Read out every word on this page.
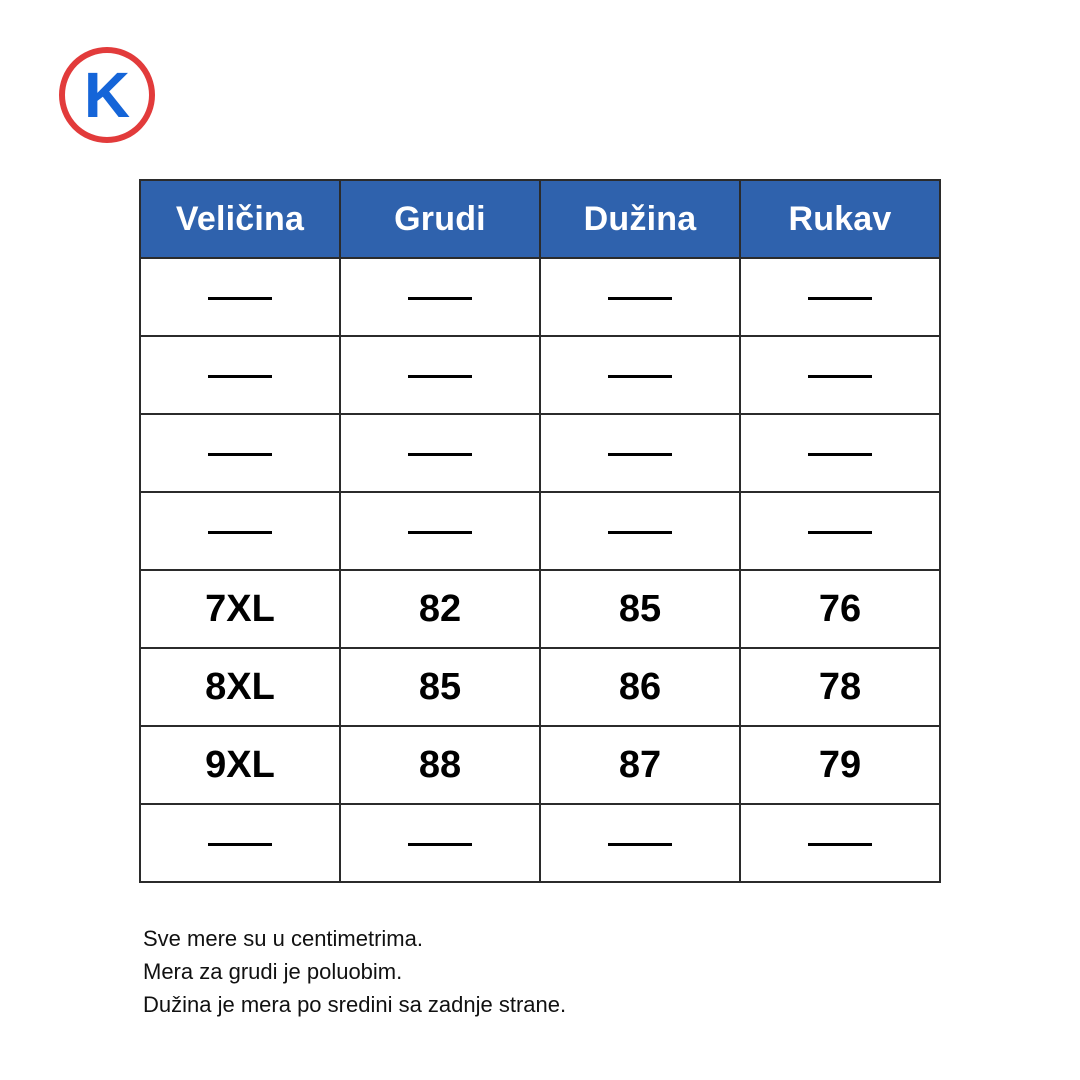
K
Veličina	Grudi	Dužina	Rukav

7XL	82	85	76
8XL	85	86	78
9XL	88	87	79

Sve mere su u centimetrima.

Mera za grudi je poluobim.

Dužina je mera po sredini sa zadnje strane.
